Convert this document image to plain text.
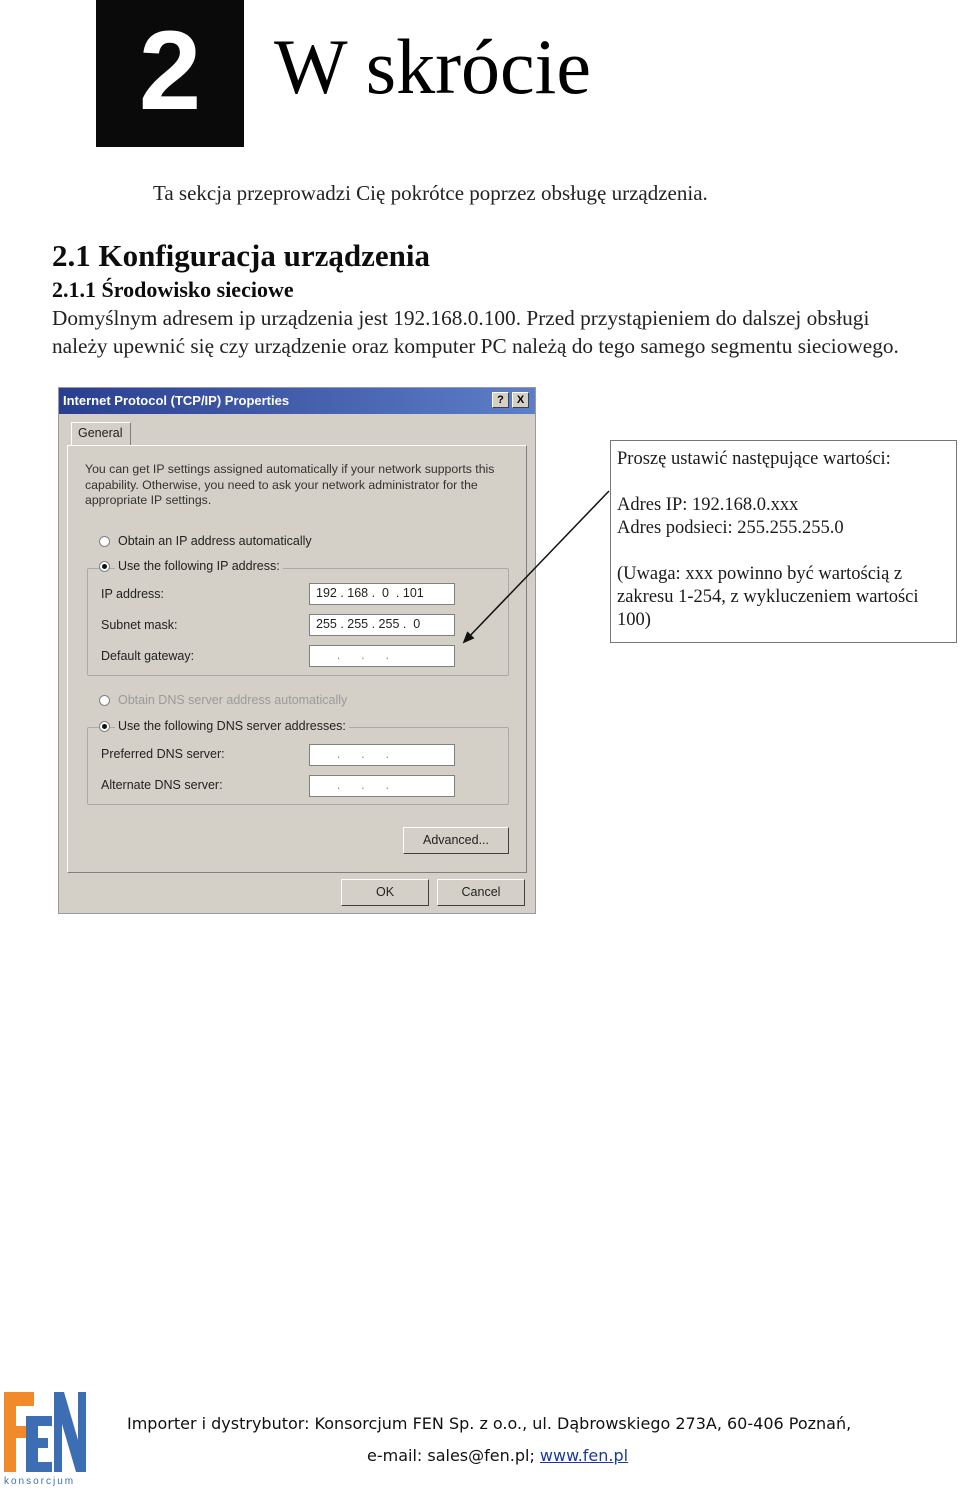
2 W skrócie
Ta sekcja przeprowadzi Cię pokrótce poprzez obsługę urządzenia.
2.1 Konfiguracja urządzenia
2.1.1 Środowisko sieciowe
Domyślnym adresem ip urządzenia jest 192.168.0.100. Przed przystąpieniem do dalszej obsługi należy upewnić się czy urządzenie oraz komputer PC należą do tego samego segmentu sieciowego.
Internet Protocol (TCP/IP) Properties	?	X
General
You can get IP settings assigned automatically if your network supports this capability. Otherwise, you need to ask your network administrator for the appropriate IP settings.
Obtain an IP address automatically
Use the following IP address:
IP address:	192 . 168 .  0  . 101
Subnet mask:	255 . 255 . 255 .  0
Default gateway:	.      .      .
Obtain DNS server address automatically
Use the following DNS server addresses:
Preferred DNS server:	.      .      .
Alternate DNS server:	.      .      .
Advanced...
OK	Cancel

Proszę ustawić następujące wartości:

Adres IP: 192.168.0.xxx

Adres podsieci: 255.255.255.0

(Uwaga: xxx powinno być wartością z zakresu 1-254, z wykluczeniem wartości 100)

konsorcjum
Importer i dystrybutor: Konsorcjum FEN Sp. z o.o., ul. Dąbrowskiego 273A, 60-406 Poznań,
e-mail: sales@fen.pl; www.fen.pl
